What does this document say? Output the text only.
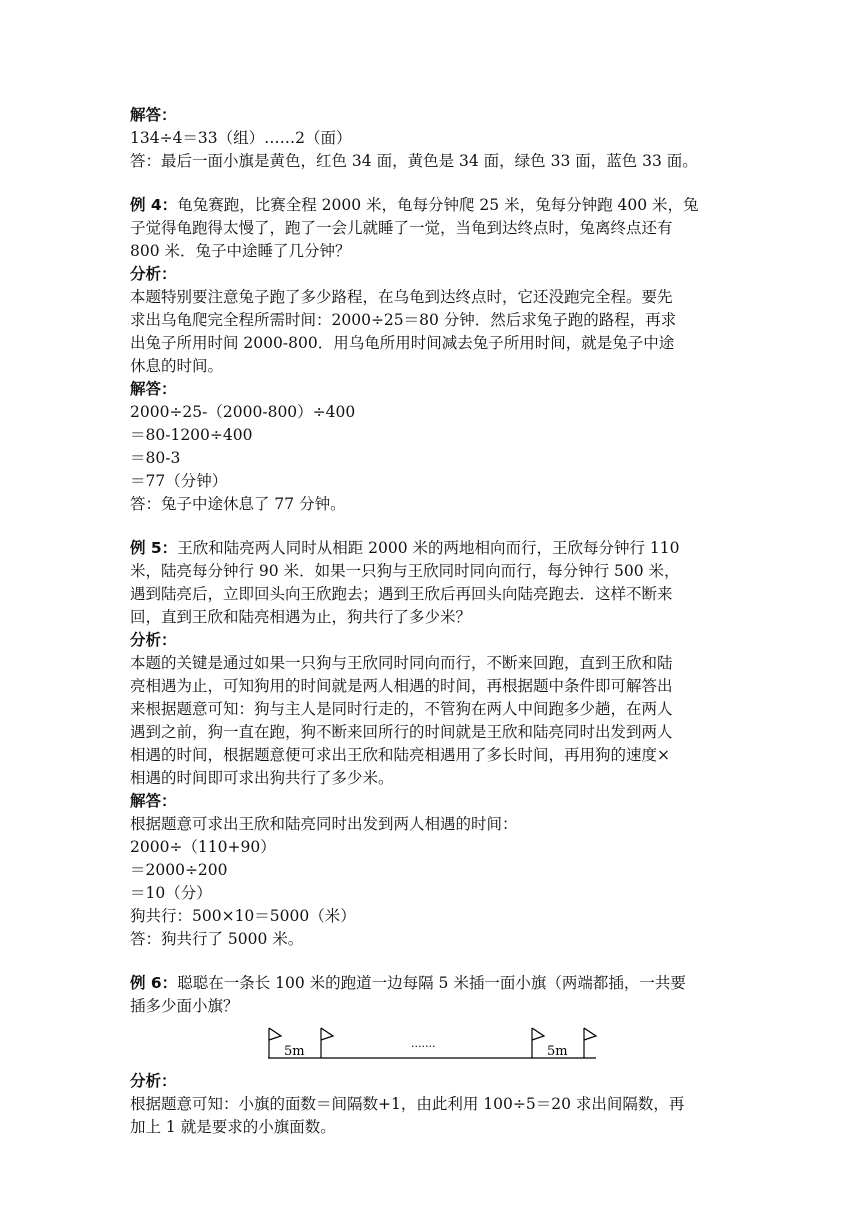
解答：
134÷4＝33（组）……2（面）
答：最后一面小旗是黄色，红色 34 面，黄色是 34 面，绿色 33 面，蓝色 33 面。
例 4：龟兔赛跑，比赛全程 2000 米，龟每分钟爬 25 米，兔每分钟跑 400 米，兔
子觉得龟跑得太慢了，跑了一会儿就睡了一觉，当龟到达终点时，兔离终点还有
800 米．兔子中途睡了几分钟？
分析：
本题特别要注意兔子跑了多少路程，在乌龟到达终点时，它还没跑完全程。要先
求出乌龟爬完全程所需时间：2000÷25＝80 分钟．然后求兔子跑的路程，再求
出兔子所用时间 2000-800．用乌龟所用时间减去兔子所用时间，就是兔子中途
休息的时间。
解答：
2000÷25-（2000-800）÷400
＝80-1200÷400
＝80-3
＝77（分钟）
答：兔子中途休息了 77 分钟。
例 5：王欣和陆亮两人同时从相距 2000 米的两地相向而行，王欣每分钟行 110
米，陆亮每分钟行 90 米．如果一只狗与王欣同时同向而行，每分钟行 500 米，
遇到陆亮后，立即回头向王欣跑去；遇到王欣后再回头向陆亮跑去．这样不断来
回，直到王欣和陆亮相遇为止，狗共行了多少米？
分析：
本题的关键是通过如果一只狗与王欣同时同向而行，不断来回跑，直到王欣和陆
亮相遇为止，可知狗用的时间就是两人相遇的时间，再根据题中条件即可解答出
来根据题意可知：狗与主人是同时行走的，不管狗在两人中间跑多少趟，在两人
遇到之前，狗一直在跑，狗不断来回所行的时间就是王欣和陆亮同时出发到两人
相遇的时间，根据题意便可求出王欣和陆亮相遇用了多长时间，再用狗的速度×
相遇的时间即可求出狗共行了多少米。
解答：
根据题意可求出王欣和陆亮同时出发到两人相遇的时间：
2000÷（110+90）
＝2000÷200
＝10（分）
狗共行：500×10＝5000（米）
答：狗共行了 5000 米。
例 6：聪聪在一条长 100 米的跑道一边每隔 5 米插一面小旗（两端都插，一共要
插多少面小旗？
5m	5m
·······
分析：
根据题意可知：小旗的面数＝间隔数+1，由此利用 100÷5＝20 求出间隔数，再
加上 1 就是要求的小旗面数。
